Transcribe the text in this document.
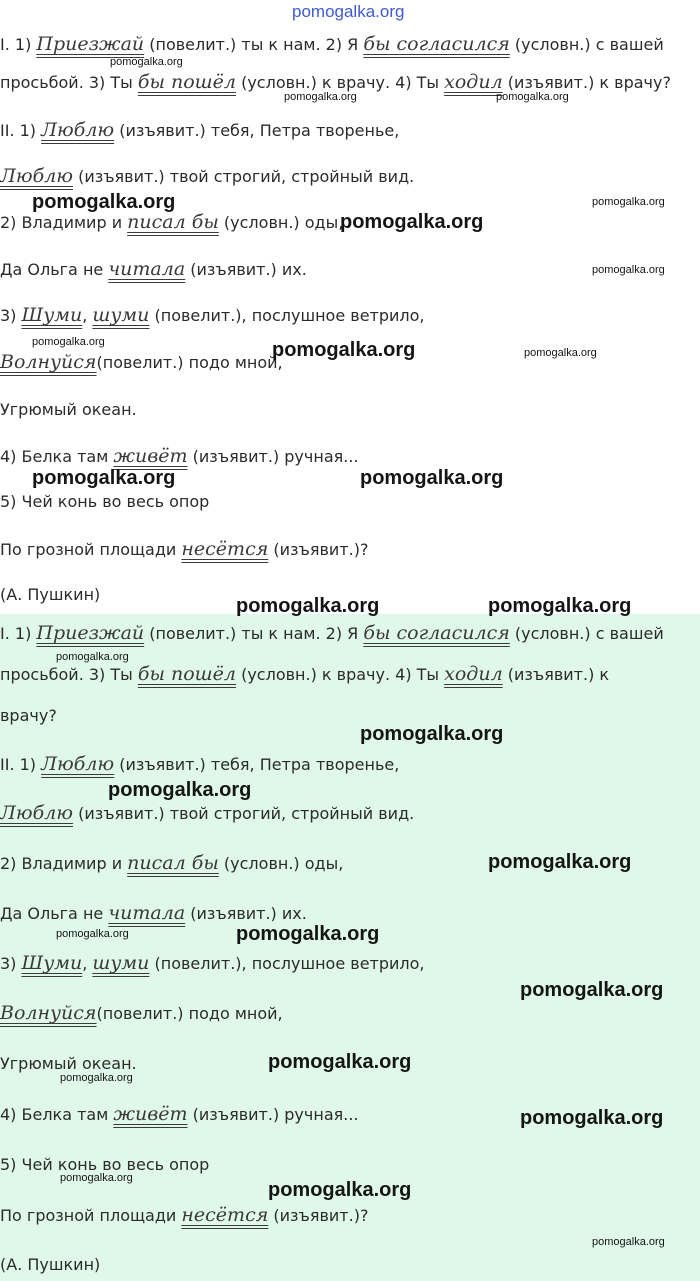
pomogalka.org
I. 1) Приезжай (повелит.) ты к нам. 2) Я бы согласился (условн.) с вашей
просьбой. 3) Ты бы пошёл (условн.) к врачу. 4) Ты ходил (изъявит.) к врачу?
II. 1) Люблю (изъявит.) тебя, Петра творенье,
Люблю (изъявит.) твой строгий, стройный вид.
2) Владимир и писал бы (условн.) оды,
Да Ольга не читала (изъявит.) их.
3) Шуми, шуми (повелит.), послушное ветрило,
Волнуйся(повелит.) подо мной,
Угрюмый океан.
4) Белка там живёт (изъявит.) ручная...
5) Чей конь во весь опор
По грозной площади несётся (изъявит.)?
(А. Пушкин)
I. 1) Приезжай (повелит.) ты к нам. 2) Я бы согласился (условн.) с вашей
просьбой. 3) Ты бы пошёл (условн.) к врачу. 4) Ты ходил (изъявит.) к
врачу?
II. 1) Люблю (изъявит.) тебя, Петра творенье,
Люблю (изъявит.) твой строгий, стройный вид.
2) Владимир и писал бы (условн.) оды,
Да Ольга не читала (изъявит.) их.
3) Шуми, шуми (повелит.), послушное ветрило,
Волнуйся(повелит.) подо мной,
Угрюмый океан.
4) Белка там живёт (изъявит.) ручная...
5) Чей конь во весь опор
По грозной площади несётся (изъявит.)?
(А. Пушкин)
pomogalka.org
pomogalka.org	pomogalka.org
pomogalka.org	pomogalka.org
pomogalka.org
pomogalka.org
pomogalka.org	pomogalka.org	pomogalka.org
pomogalka.org	pomogalka.org
pomogalka.org	pomogalka.org
pomogalka.org
pomogalka.org
pomogalka.org
pomogalka.org
pomogalka.org	pomogalka.org
pomogalka.org
pomogalka.org
pomogalka.org
pomogalka.org
pomogalka.org
pomogalka.org
pomogalka.org
